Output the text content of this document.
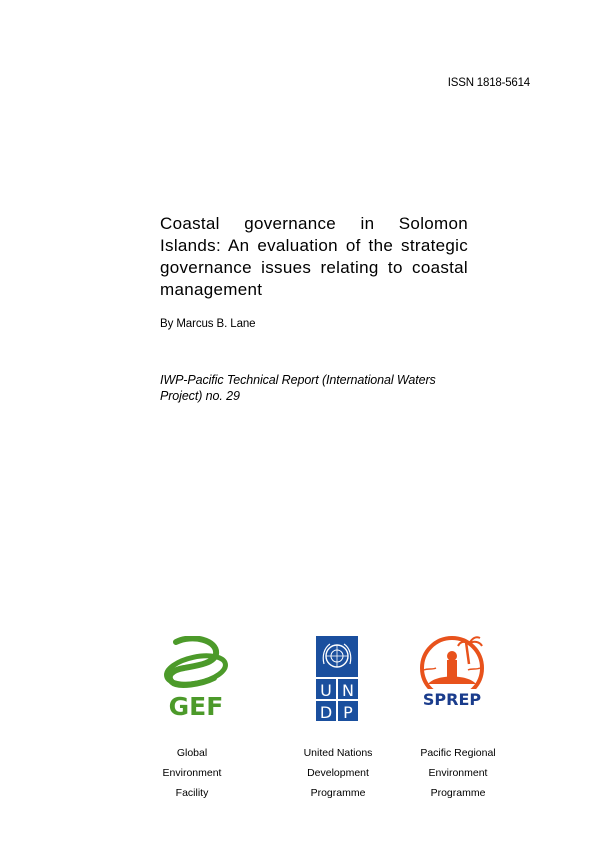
ISSN 1818-5614
Coastal governance in Solomon Islands: An evaluation of the strategic governance issues relating to coastal management
By Marcus B. Lane
IWP-Pacific Technical Report (International Waters Project) no. 29
GEF
U N
D P
SPREP
Global
Environment
Facility
United Nations
Development
Programme
Pacific Regional
Environment
Programme
